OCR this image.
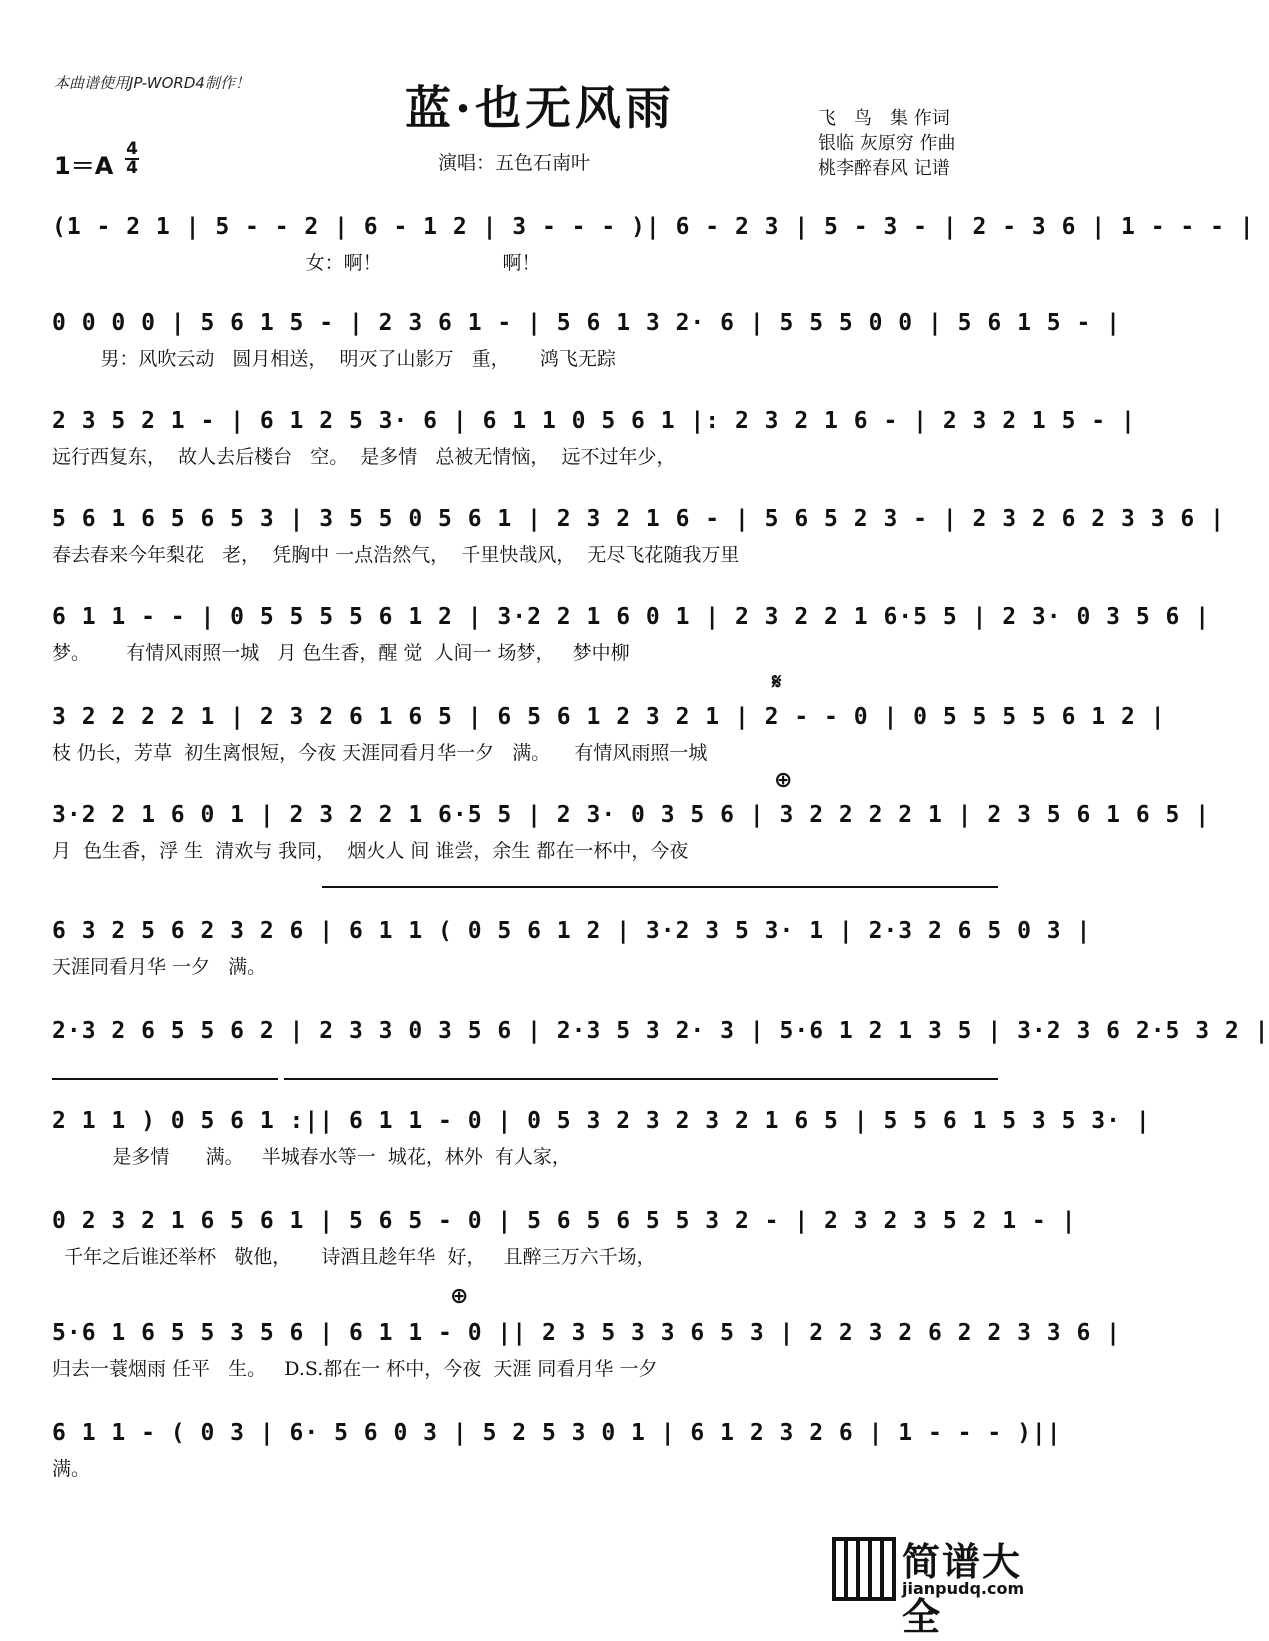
本曲谱使用JP-WORD4制作！	蓝·也无风雨
1＝A
4
4	演唱：五色石南叶
飞　鸟　集 作词
银临 灰原穷 作曲
桃李醉春风 记谱
(1 - 2 1 | 5 - - 2 | 6 - 1 2 | 3 - - - )| 6 - 2 3 | 5 - 3 - | 2 - 3 6 | 1 - - - |
女：啊！                    啊！
0 0 0 0 | 5 6 1 5 - | 2 3 6 1 - | 5 6 1 3 2· 6 | 5 5 5 0 0 | 5 6 1 5 - |
男：风吹云动   圆月相送，  明灭了山影万   重，     鸿飞无踪
2 3 5 2 1 - | 6 1 2 5 3· 6 | 6 1 1 0 5 6 1 |: 2 3 2 1 6 - | 2 3 2 1 5 - |
远行西复东，  故人去后楼台   空。  是多情   总被无情恼，  远不过年少，
5 6 1 6 5 6 5 3 | 3 5 5 0 5 6 1 | 2 3 2 1 6 - | 5 6 5 2 3 - | 2 3 2 6 2 3 3 6 |
春去春来今年梨花   老，  凭胸中 一点浩然气，  千里快哉风，  无尽飞花随我万里
6 1 1 - - | 0 5 5 5 5 6 1 2 | 3·2 2 1 6 0 1 | 2 3 2 2 1 6·5 5 | 2 3· 0 3 5 6 |
梦。      有情风雨照一城   月 色生香，醒 觉  人间一 场梦，   梦中柳
𝄋
3 2 2 2 2 1 | 2 3 2 6 1 6 5 | 6 5 6 1 2 3 2 1 | 2 - - 0 | 0 5 5 5 5 6 1 2 |
枝 仍长，芳草  初生离恨短，今夜 天涯同看月华一夕   满。    有情风雨照一城
⊕
3·2 2 1 6 0 1 | 2 3 2 2 1 6·5 5 | 2 3· 0 3 5 6 | 3 2 2 2 2 1 | 2 3 5 6 1 6 5 |
月  色生香，浮 生  清欢与 我同，  烟火人 间 谁尝，余生 都在一杯中，今夜
6 3 2 5 6 2 3 2 6 | 6 1 1 ( 0 5 6 1 2 | 3·2 3 5 3· 1 | 2·3 2 6 5 0 3 |
天涯同看月华 一夕   满。
2·3 2 6 5 5 6 2 | 2 3 3 0 3 5 6 | 2·3 5 3 2· 3 | 5·6 1 2 1 3 5 | 3·2 3 6 2·5 3 2 |
2 1 1 ) 0 5 6 1 :|| 6 1 1 - 0 | 0 5 3 2 3 2 3 2 1 6 5 | 5 5 6 1 5 3 5 3· |
是多情      满。   半城春水等一  城花，林外  有人家，
0 2 3 2 1 6 5 6 1 | 5 6 5 - 0 | 5 6 5 6 5 5 3 2 - | 2 3 2 3 5 2 1 - |
千年之后谁还举杯   敬他，     诗酒且趁年华  好，   且醉三万六千场，
⊕
5·6 1 6 5 5 3 5 6 | 6 1 1 - 0 || 2 3 5 3 3 6 5 3 | 2 2 3 2 6 2 2 3 3 6 |
归去一蓑烟雨 任平   生。   D.S.都在一 杯中，今夜  天涯 同看月华 一夕
6 1 1 - ( 0 3 | 6· 5 6 0 3 | 5 2 5 3 0 1 | 6 1 2 3 2 6 | 1 - - - )||
满。
简谱大全
jianpudq.com
